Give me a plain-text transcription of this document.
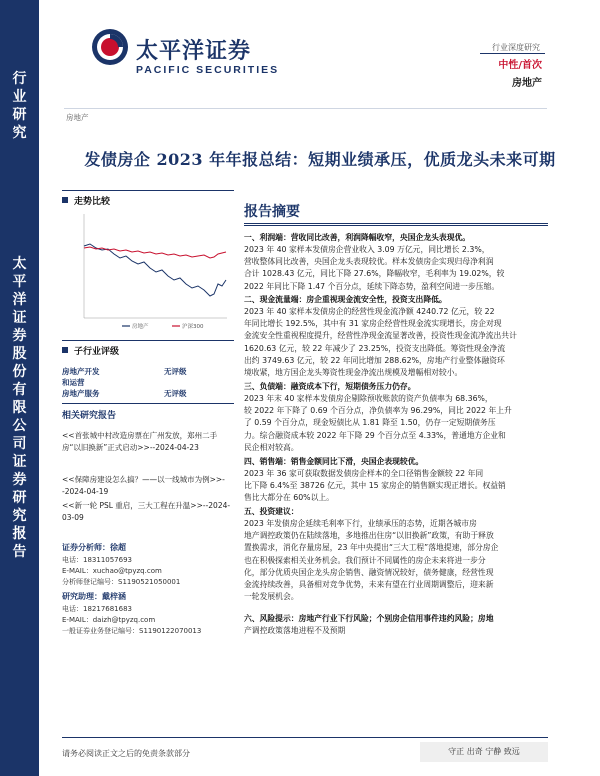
行
业
研
究
太
平
洋
证
券
股
份
有
限
公
司
证
券
研
究
报
告
太平洋证券
PACIFIC SECURITIES
行业深度研究
中性/首次
房地产
房地产
发债房企 2023 年年报总结：短期业绩承压，优质龙头未来可期
走势比较
房地产	沪深300
子行业评级
房地产开发	无评级
和运营
房地产服务	无评级
相关研究报告
<<首张城中村改造房票在广州发放，郑州二手房“以旧换新”正式启动>>--2024-04-23
<<保障房建设怎么搞？——以一线城市为例>>--2024-04-19
<<新一轮 PSL 重启，三大工程在升温>>--2024-03-09
证券分析师：徐超
电话：18311057693
E-MAIL：xuchao@tpyzq.com
分析师登记编号：S1190521050001
研究助理：戴梓涵
电话：18217681683
E-MAIL：daizh@tpyzq.com
一般证券业务登记编号：S1190122070013
报告摘要
一、利润端：营收同比改善，利润降幅收窄，央国企龙头表现优。
2023 年 40 家样本发债房企营业收入 3.09 万亿元，同比增长 2.3%，
营收整体同比改善，央国企龙头表现较优。样本发债房企实现归母净利润
合计 1028.43 亿元，同比下降 27.6%，降幅收窄，毛利率为 19.02%，较
2022 年同比下降 1.47 个百分点，延续下降态势，盈利空间进一步压缩。
二、现金流量端：房企重视现金流安全性，投资支出降低。
2023 年 40 家样本发债房企的经营性现金流净额 4240.72 亿元，较 22
年同比增长 192.5%，其中有 31 家房企经营性现金流实现增长，房企对现
金流安全性重视程度提升，经营性净现金流显著改善，投资性现金流净流出共计
1620.63 亿元，较 22 年减少了 23.25%，投资支出降低。筹资性现金净流
出约 3749.63 亿元，较 22 年同比增加 288.62%，房地产行业整体融资环
境收紧，地方国企龙头筹资性现金净流出规模及增幅相对较小。
三、负债端：融资成本下行，短期债务压力仍存。
2023 年末 40 家样本发债房企剔除预收账款的资产负债率为 68.36%，
较 2022 年下降了 0.69 个百分点，净负债率为 96.29%，同比 2022 年上升
了 0.59 个百分点，现金短债比从 1.81 降至 1.50，仍存一定短期债务压
力。综合融资成本较 2022 年下降 29 个百分点至 4.33%，普通地方企业和
民企相对较高。
四、销售端：销售金额同比下滑，央国企表现较优。
2023 年 36 家可获取数据发债房企样本的全口径销售金额较 22 年同
比下降 6.4%至 38726 亿元，其中 15 家房企的销售额实现正增长。权益销
售比大都分在 60%以上。
五、投资建议：
2023 年发债房企延续毛利率下行，业绩承压的态势，近期各城市房
地产调控政策仍在陆续落地，多地推出住房“以旧换新”政策，有助于释放
置换需求，消化存量房屋，23 年中央提出“三大工程”落地提速，部分房企
也在积极探索相关业务机会。我们预计不同属性的房企未来将进一步分
化，部分优质央国企龙头房企销售、融资情况较好，债务健康，经营性现
金流持续改善，具备相对竞争优势，未来有望在行业周期调整后，迎来新
一轮发展机会。
六、风险提示：房地产行业下行风险；个别房企信用事件违约风险；房地
产调控政策落地进程不及预期
请务必阅读正文之后的免责条款部分	守正 出奇 宁静 致远
